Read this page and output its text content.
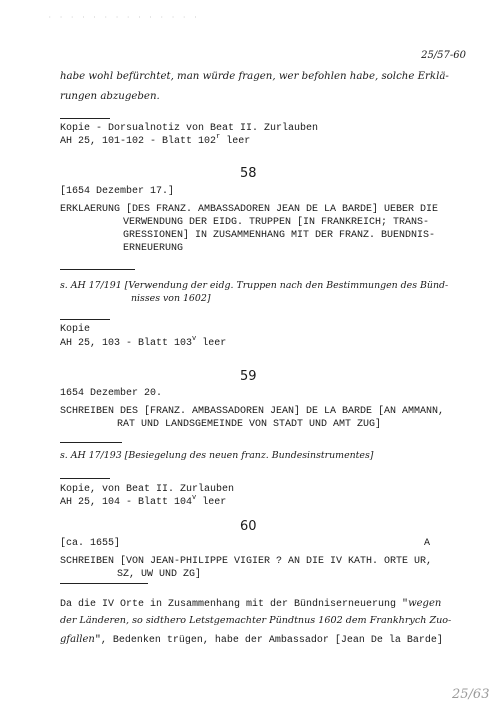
· · · · · · · · · · · · · ·
25/57-60
habe wohl befürchtet, man würde fragen, wer befohlen habe, solche Erklä-
rungen abzugeben.
Kopie - Dorsualnotiz von Beat II. Zurlauben
AH 25, 101-102 - Blatt 102$^r$ leer
58
[1654 Dezember 17.]
ERKLAERUNG [DES FRANZ. AMBASSADOREN JEAN DE LA BARDE] UEBER DIE
VERWENDUNG DER EIDG. TRUPPEN [IN FRANKREICH; TRANS-
GRESSIONEN] IN ZUSAMMENHANG MIT DER FRANZ. BUENDNIS-
ERNEUERUNG
s. AH 17/191 [Verwendung der eidg. Truppen nach den Bestimmungen des Bünd-
nisses von 1602]
Kopie
AH 25, 103 - Blatt 103$^v$ leer
59
1654 Dezember 20.
SCHREIBEN DES [FRANZ. AMBASSADOREN JEAN] DE LA BARDE [AN AMMANN,
RAT UND LANDSGEMEINDE VON STADT UND AMT ZUG]
s. AH 17/193 [Besiegelung des neuen franz. Bundesinstrumentes]
Kopie, von Beat II. Zurlauben
AH 25, 104 - Blatt 104$^v$ leer
60
[ca. 1655]	A
SCHREIBEN [VON JEAN-PHILIPPE VIGIER ? AN DIE IV KATH. ORTE UR,
SZ, UW UND ZG]
Da die IV Orte in Zusammenhang mit der Bündniserneuerung "wegen
der Länderen, so sidthero Letstgemachter Pündtnus 1602 dem Frankhrych Zuo-
gfallen", Bedenken trügen, habe der Ambassador [Jean De la Barde]
25/63
